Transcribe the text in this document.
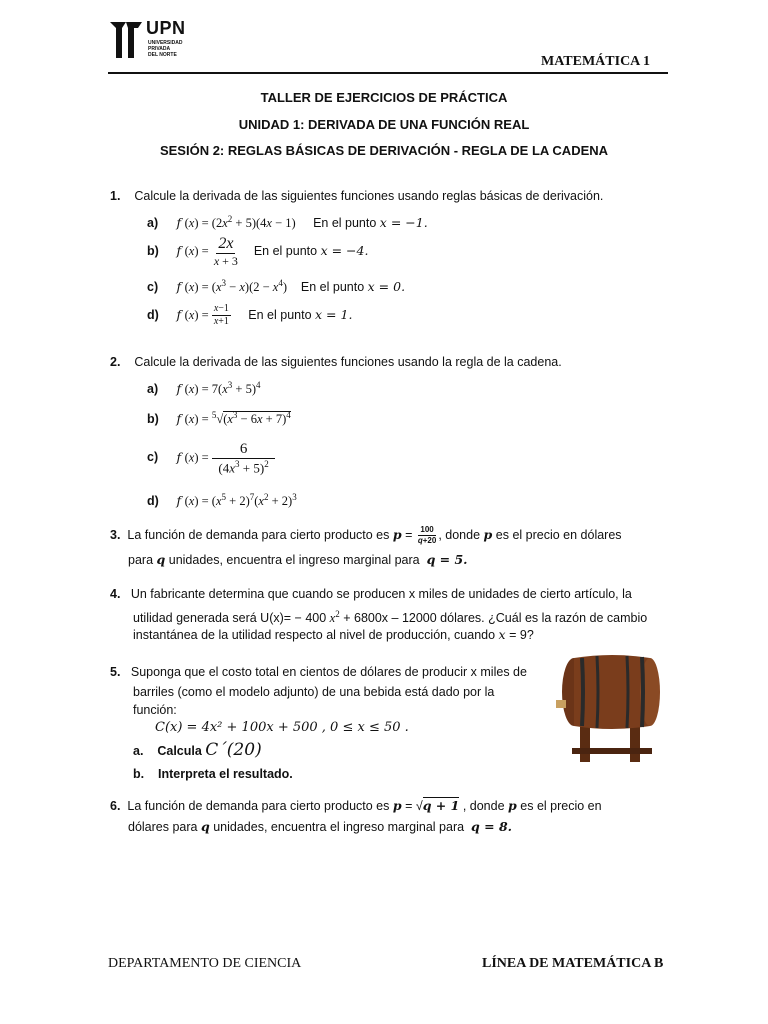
UPN
UNIVERSIDAD
PRIVADA
DEL NORTE	MATEMÁTICA 1
TALLER DE EJERCICIOS DE PRÁCTICA
UNIDAD 1: DERIVADA DE UNA FUNCIÓN REAL
SESIÓN 2: REGLAS BÁSICAS DE DERIVACIÓN - REGLA DE LA CADENA
1. Calcule la derivada de las siguientes funciones usando reglas básicas de derivación.
a) f $(x) = (2x^2 + 5)(4x - 1)$ En el punto x = −1.
b) f $(x) = \frac{2x}{x + 3}$ En el punto x = −4.
c) f $(x) = (x^3 - x)(2 - x^4)$ En el punto x = 0.
d) f $(x) = \frac{x-1}{x+1}$ En el punto x = 1.
2. Calcule la derivada de las siguientes funciones usando la regla de la cadena.
a) f $(x) = 7(x^3 + 5)^4$
b) f $(x) = ^5√(x^3 - 6x + 7)^4$
c) f $(x) = \frac{6}{(4x^3 + 5)^2}$
d) f $(x) = (x^5 + 2)^7(x^2 + 2)^3$
3. La función de demanda para cierto producto es $p = \frac{100}{q+20}$ , donde p es el precio en dólares
para q unidades, encuentra el ingreso marginal para q = 5.
4. Un fabricante determina que cuando se producen x miles de unidades de cierto artículo, la
utilidad generada será U(x)= − 400 $x^2 + 6800x - 12000$ dólares. ¿Cuál es la razón de cambio
instantánea de la utilidad respecto al nivel de producción, cuando x = 9?
5. Suponga que el costo total en cientos de dólares de producir x miles de
barriles (como el modelo adjunto) de una bebida está dado por la
función:
C(x) = 4x² + 100x + 500 , 0 ≤ x ≤ 50 .
a. Calcula C´(20)
b. Interpreta el resultado.
6. La función de demanda para cierto producto es p = √q + 1 , donde p es el precio en
dólares para q unidades, encuentra el ingreso marginal para q = 8.
DEPARTAMENTO DE CIENCIA	LÍNEA DE MATEMÁTICA B
